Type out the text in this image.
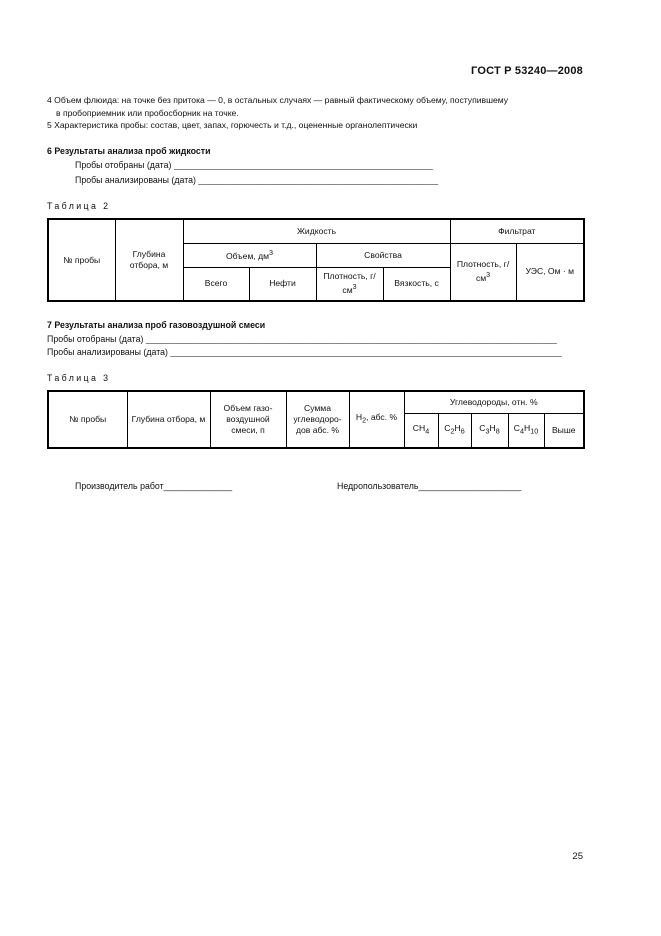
ГОСТ Р 53240—2008
4 Объем флюида: на точке без притока — 0, в остальных случаях — равный фактическому объему, поступившему
в пробоприемник или пробосборник на точке.
5 Характеристика пробы: состав, цвет, запах, горючесть и т.д., оцененные органолептически
6 Результаты анализа проб жидкости
Пробы отобраны (дата) _____________________________________________________
Пробы анализированы (дата) _________________________________________________
Таблица 2
№ пробы	Глубина отбора, м	Жидкость				Фильтрат	
		Объем, $дм^3$		Свойства		Плотность, $г/см^3$	УЭС, Ом · м
		Всего	Нефти	Плотность, $г/см^3$	Вязкость, с		
7 Результаты анализа проб газовоздушной смеси
Пробы отобраны (дата) ____________________________________________________________________________________
Пробы анализированы (дата) ________________________________________________________________________________
Таблица 3
№ пробы	Глубина отбора, м	Объем газо-воздушной смеси, п	Сумма углеводоро-дов абс. %	$H_2$, абс. %	Углеводороды, отн. %				
					$CH_4$	$C_2H_6$	$C_3H_8$	$C_4H_{10}$	Выше
Производитель работ______________	Недропользователь_____________________
25
